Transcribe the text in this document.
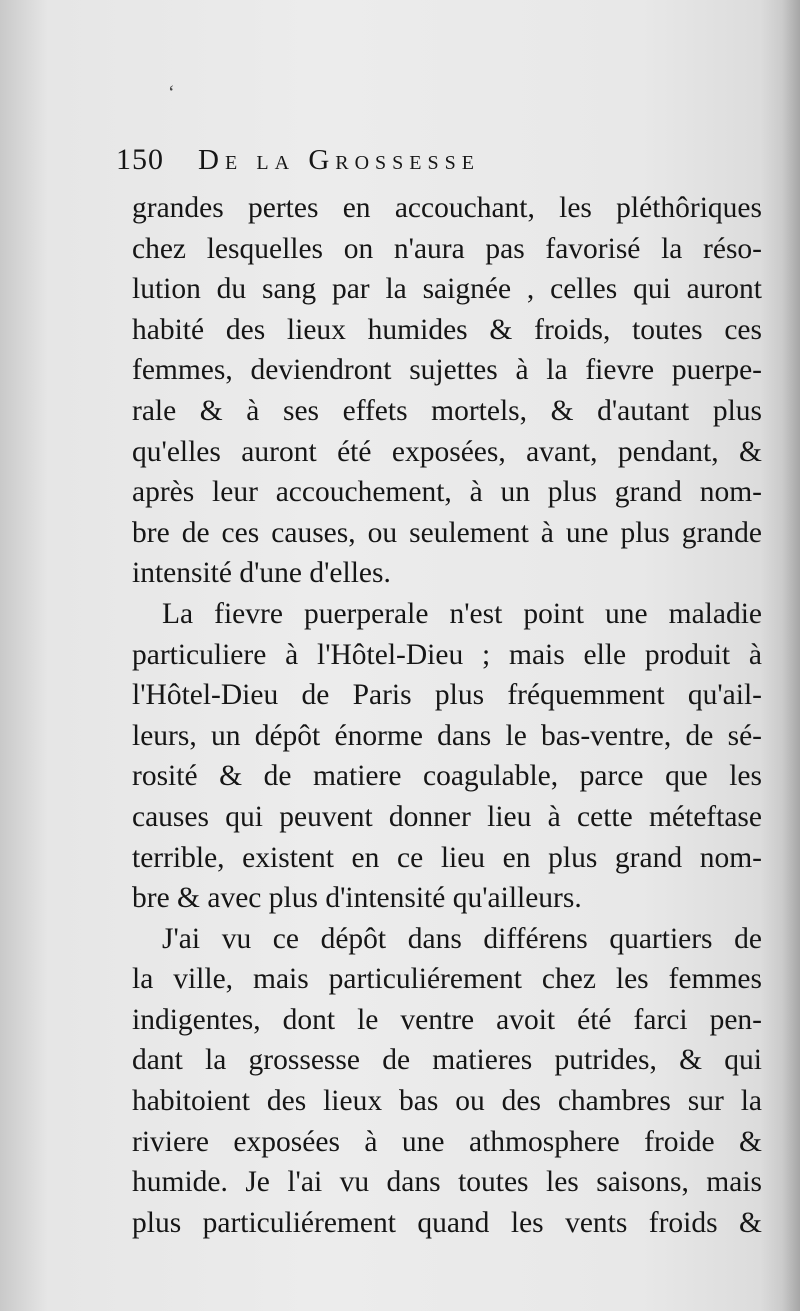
‘
150	De la Grossesse
grandes pertes en accouchant, les pléthôriques
chez lesquelles on n'aura pas favorisé la réso-
lution du sang par la saignée , celles qui auront
habité des lieux humides & froids, toutes ces
femmes, deviendront sujettes à la fievre puerpe-
rale & à ses effets mortels, & d'autant plus
qu'elles auront été exposées, avant, pendant, &
après leur accouchement, à un plus grand nom-
bre de ces causes, ou seulement à une plus grande
intensité d'une d'elles.
La fievre puerperale n'est point une maladie
particuliere à l'Hôtel-Dieu ; mais elle produit à
l'Hôtel-Dieu de Paris plus fréquemment qu'ail-
leurs, un dépôt énorme dans le bas-ventre, de sé-
rosité & de matiere coagulable, parce que les
causes qui peuvent donner lieu à cette méteftase
terrible, existent en ce lieu en plus grand nom-
bre & avec plus d'intensité qu'ailleurs.
J'ai vu ce dépôt dans différens quartiers de
la ville, mais particuliérement chez les femmes
indigentes, dont le ventre avoit été farci pen-
dant la grossesse de matieres putrides, & qui
habitoient des lieux bas ou des chambres sur la
riviere exposées à une athmosphere froide &
humide. Je l'ai vu dans toutes les saisons, mais
plus particuliérement quand les vents froids &
